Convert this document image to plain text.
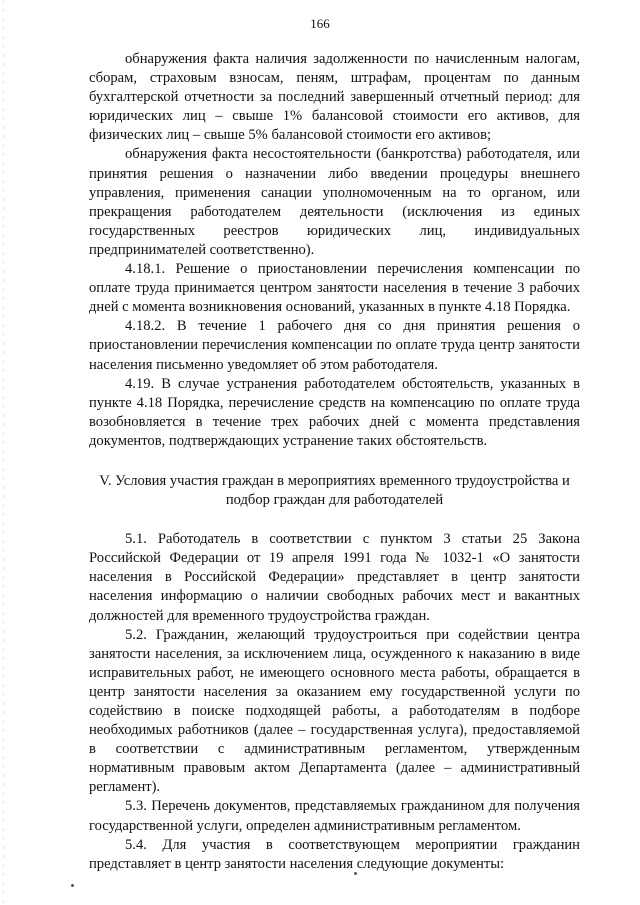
166

обнаружения факта наличия задолженности по начисленным налогам, сборам, страховым взносам, пеням, штрафам, процентам по данным бухгалтерской отчетности за последний завершенный отчетный период: для юридических лиц – свыше 1% балансовой стоимости его активов, для физических лиц – свыше 5% балансовой стоимости его активов;

обнаружения факта несостоятельности (банкротства) работодателя, или принятия решения о назначении либо введении процедуры внешнего управления, применения санации уполномоченным на то органом, или прекращения работодателем деятельности (исключения из единых государственных реестров юридических лиц, индивидуальных предпринимателей соответственно).

4.18.1. Решение о приостановлении перечисления компенсации по оплате труда принимается центром занятости населения в течение 3 рабочих дней с момента возникновения оснований, указанных в пункте 4.18 Порядка.

4.18.2. В течение 1 рабочего дня со дня принятия решения о приостановлении перечисления компенсации по оплате труда центр занятости населения письменно уведомляет об этом работодателя.

4.19. В случае устранения работодателем обстоятельств, указанных в пункте 4.18 Порядка, перечисление средств на компенсацию по оплате труда возобновляется в течение трех рабочих дней с момента представления документов, подтверждающих устранение таких обстоятельств.

V. Условия участия граждан в мероприятиях временного трудоустройства и подбор граждан для работодателей

5.1. Работодатель в соответствии с пунктом 3 статьи 25 Закона Российской Федерации от 19 апреля 1991 года № 1032-1 «О занятости населения в Российской Федерации» представляет в центр занятости населения информацию о наличии свободных рабочих мест и вакантных должностей для временного трудоустройства граждан.

5.2. Гражданин, желающий трудоустроиться при содействии центра занятости населения, за исключением лица, осужденного к наказанию в виде исправительных работ, не имеющего основного места работы, обращается в центр занятости населения за оказанием ему государственной услуги по содействию в поиске подходящей работы, а работодателям в подборе необходимых работников (далее – государственная услуга), предоставляемой в соответствии с административным регламентом, утвержденным нормативным правовым актом Департамента (далее – административный регламент).

5.3. Перечень документов, представляемых гражданином для получения государственной услуги, определен административным регламентом.

5.4. Для участия в соответствующем мероприятии гражданин представляет в центр занятости населения следующие документы:
